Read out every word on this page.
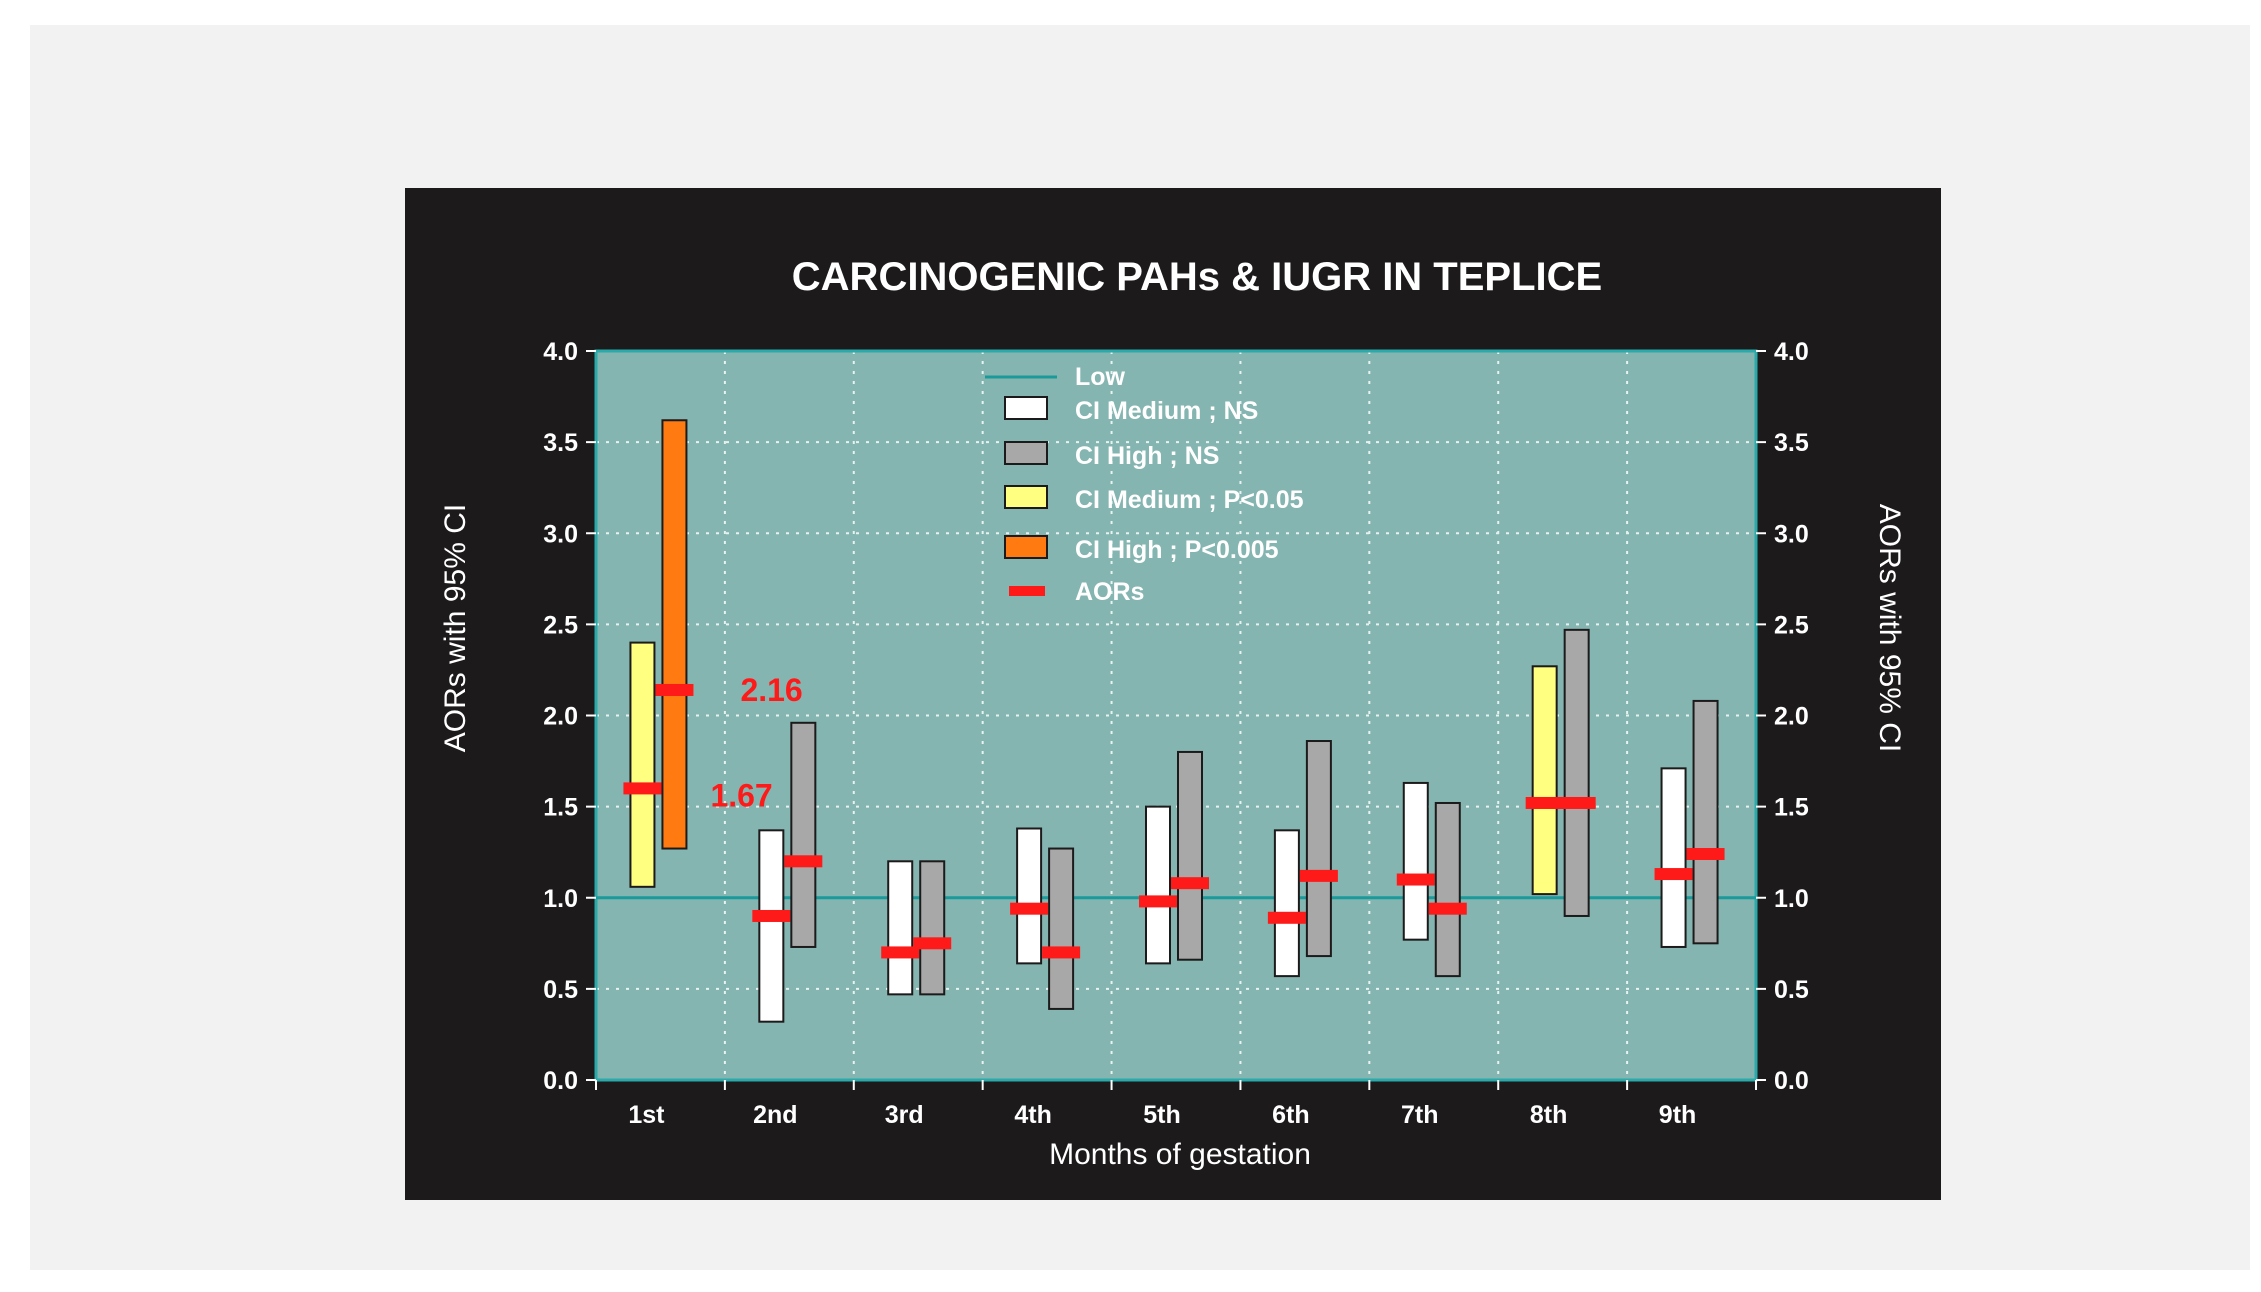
CARCINOGENIC PAHs & IUGR IN TEPLICE
0.0	0.0
0.5	0.5
1.0	1.0
1.5	1.5
2.0	2.0
2.5	2.5
3.0	3.0
3.5	3.5
4.0	4.0
1st	2nd	3rd	4th	5th	6th	7th	8th	9th
2.16
1.67
Low
CI Medium ; NS
CI High ; NS
CI Medium ; P<0.05
CI High ; P<0.005
AORs
AORs with 95% CI	AORs with 95% CI
Months of gestation
